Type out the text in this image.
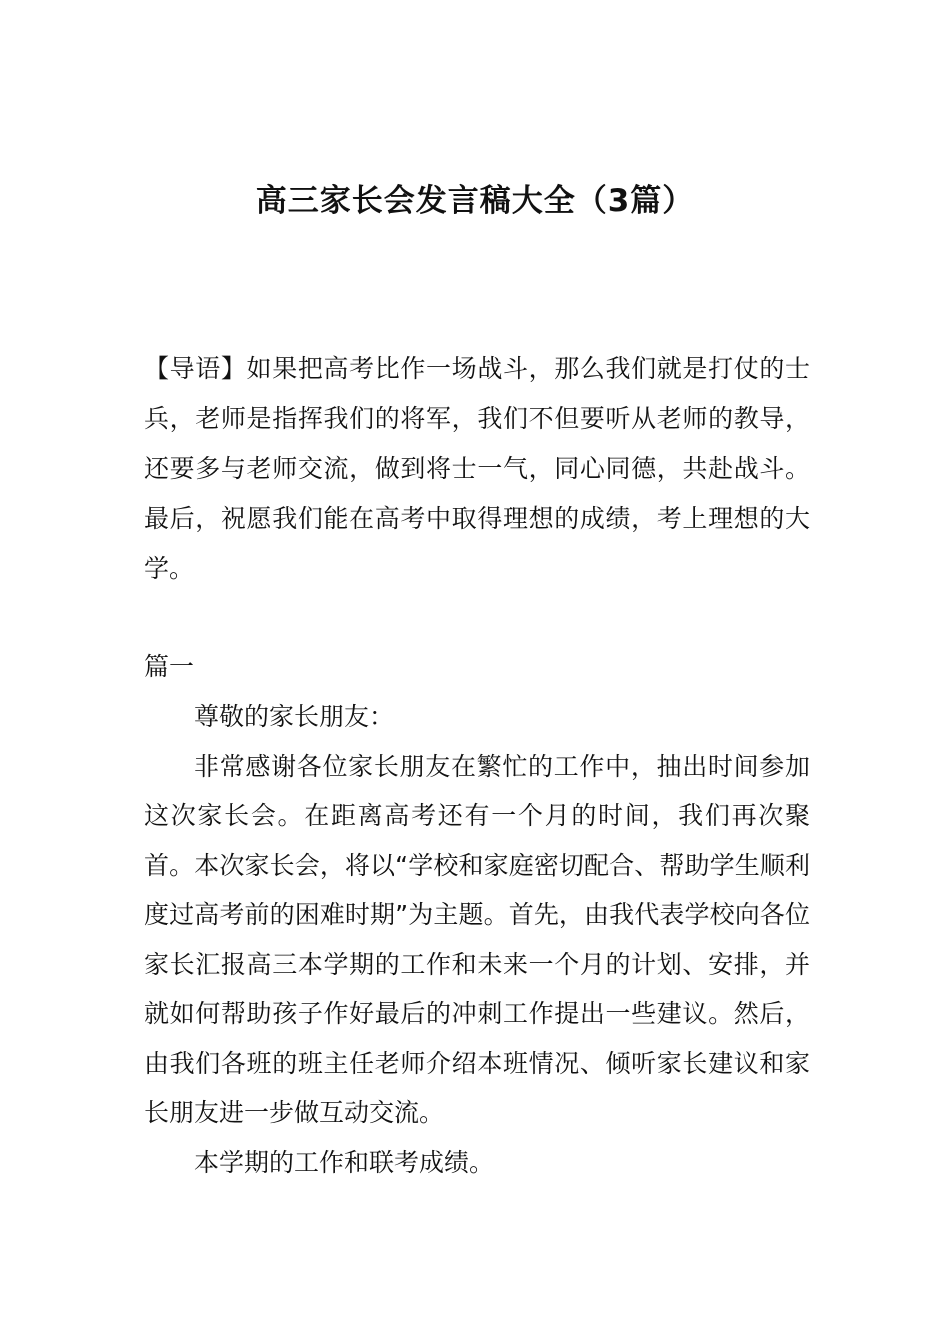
高三家长会发言稿大全（3篇）

【导语】如果把高考比作一场战斗，那么我们就是打仗的士兵，老师是指挥我们的将军，我们不但要听从老师的教导，还要多与老师交流，做到将士一气，同心同德，共赴战斗。最后，祝愿我们能在高考中取得理想的成绩，考上理想的大学。

篇一

尊敬的家长朋友：

非常感谢各位家长朋友在繁忙的工作中，抽出时间参加这次家长会。在距离高考还有一个月的时间，我们再次聚首。本次家长会，将以“学校和家庭密切配合、帮助学生顺利度过高考前的困难时期”为主题。首先，由我代表学校向各位家长汇报高三本学期的工作和未来一个月的计划、安排，并就如何帮助孩子作好最后的冲刺工作提出一些建议。然后，由我们各班的班主任老师介绍本班情况、倾听家长建议和家长朋友进一步做互动交流。

本学期的工作和联考成绩。
